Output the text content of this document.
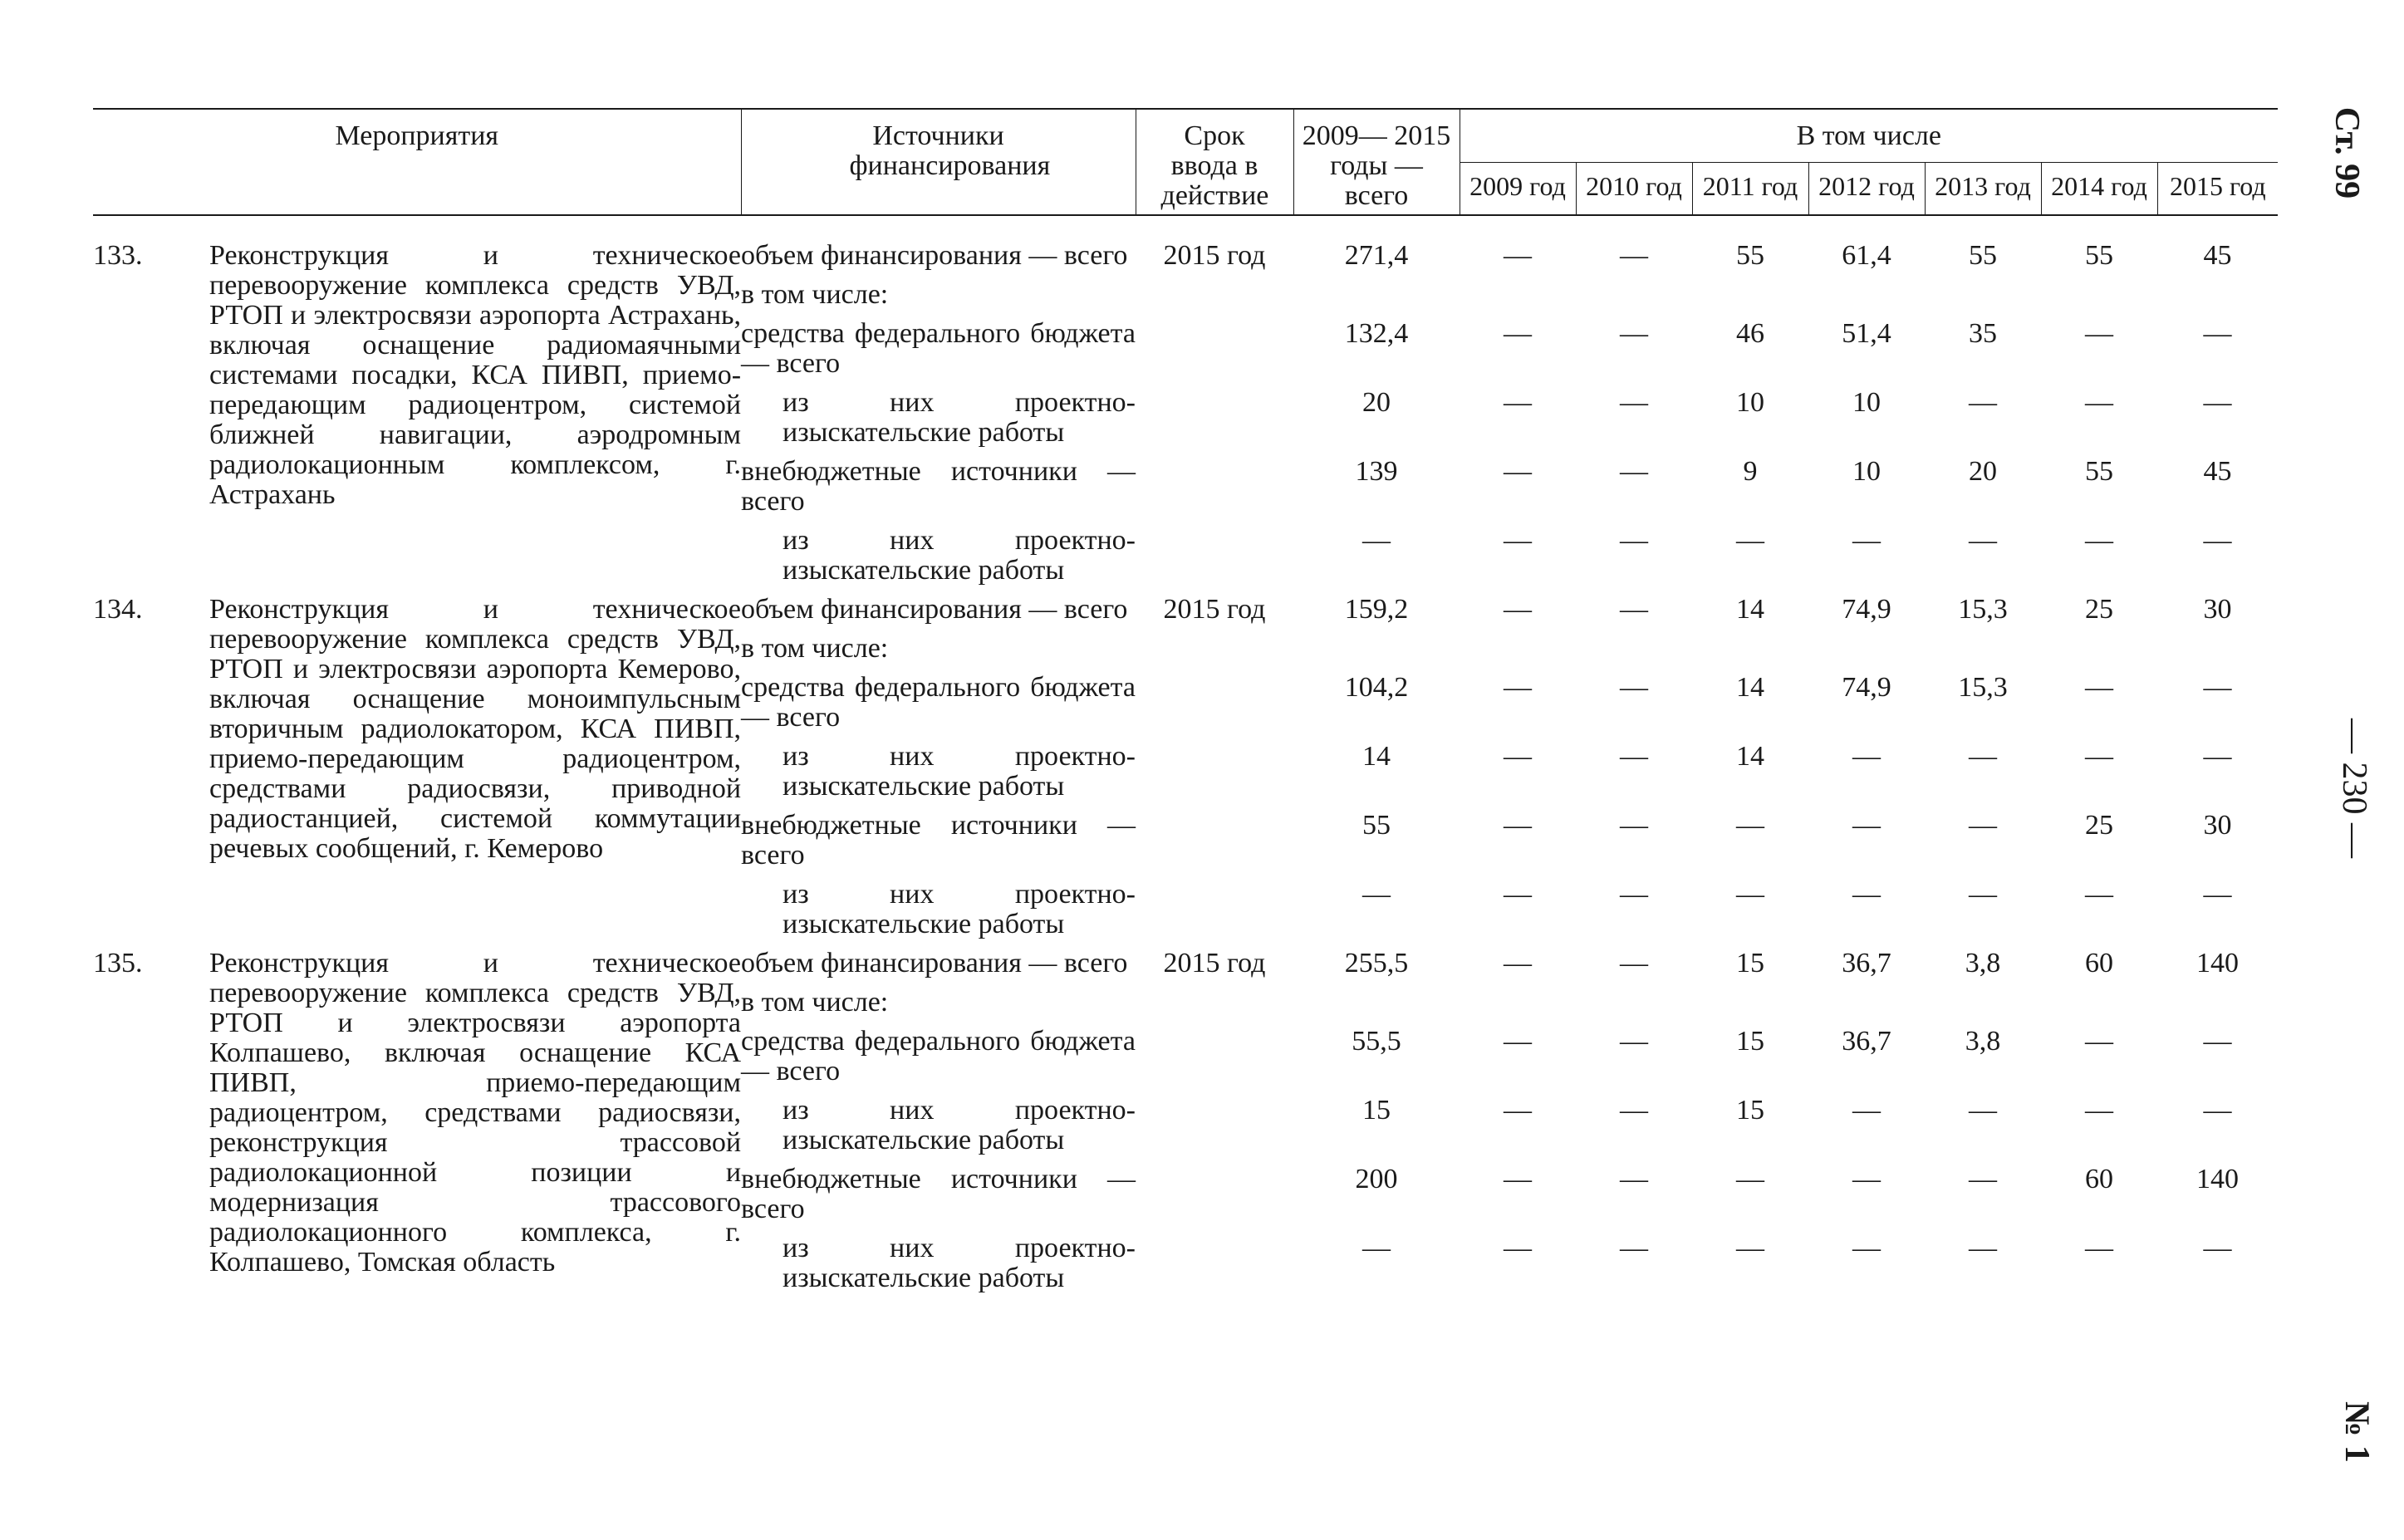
Мероприятия		Источники финансирования	Срок ввода в действие	2009— 2015 годы — всего	В том числе						
					2009 год	2010 год	2011 год	2012 год	2013 год	2014 год	2015 год

133.	Реконструкция и техническое перевооружение комплекса средств УВД, РТОП и электросвязи аэропорта Астрахань, включая оснащение радиомаячными системами посадки, КСА ПИВП, приемо-передающим радиоцентром, системой ближней навигации, аэродромным радиолокационным комплексом, г. Астрахань	объем финансирования — всего	2015 год	271,4	—	—	55	61,4	55	55	45
		в том числе:									
		средства федерального бюджета — всего		132,4	—	—	46	51,4	35	—	—
		из них проектно-изыскательские работы		20	—	—	10	10	—	—	—
		внебюджетные источники — всего		139	—	—	9	10	20	55	45
		из них проектно-изыскательские работы		—	—	—	—	—	—	—	—
134.	Реконструкция и техническое перевооружение комплекса средств УВД, РТОП и электросвязи аэропорта Кемерово, включая оснащение моноимпульсным вторичным радиолокатором, КСА ПИВП, приемо-передающим радиоцентром, средствами радиосвязи, приводной радиостанцией, системой коммутации речевых сообщений, г. Кемерово	объем финансирования — всего	2015 год	159,2	—	—	14	74,9	15,3	25	30
		в том числе:									
		средства федерального бюджета — всего		104,2	—	—	14	74,9	15,3	—	—
		из них проектно-изыскательские работы		14	—	—	14	—	—	—	—
		внебюджетные источники — всего		55	—	—	—	—	—	25	30
		из них проектно-изыскательские работы		—	—	—	—	—	—	—	—
135.	Реконструкция и техническое перевооружение комплекса средств УВД, РТОП и электросвязи аэропорта Колпашево, включая оснащение КСА ПИВП, приемо-передающим радиоцентром, средствами радиосвязи, реконструкция трассовой радиолокационной позиции и модернизация трассового радиолокационного комплекса, г. Колпашево, Томская область	объем финансирования — всего	2015 год	255,5	—	—	15	36,7	3,8	60	140
		в том числе:									
		средства федерального бюджета — всего		55,5	—	—	15	36,7	3,8	—	—
		из них проектно-изыскательские работы		15	—	—	15	—	—	—	—
		внебюджетные источники — всего		200	—	—	—	—	—	60	140
		из них проектно-изыскательские работы		—	—	—	—	—	—	—	—
Ст. 99
— 230 —
№ 1
